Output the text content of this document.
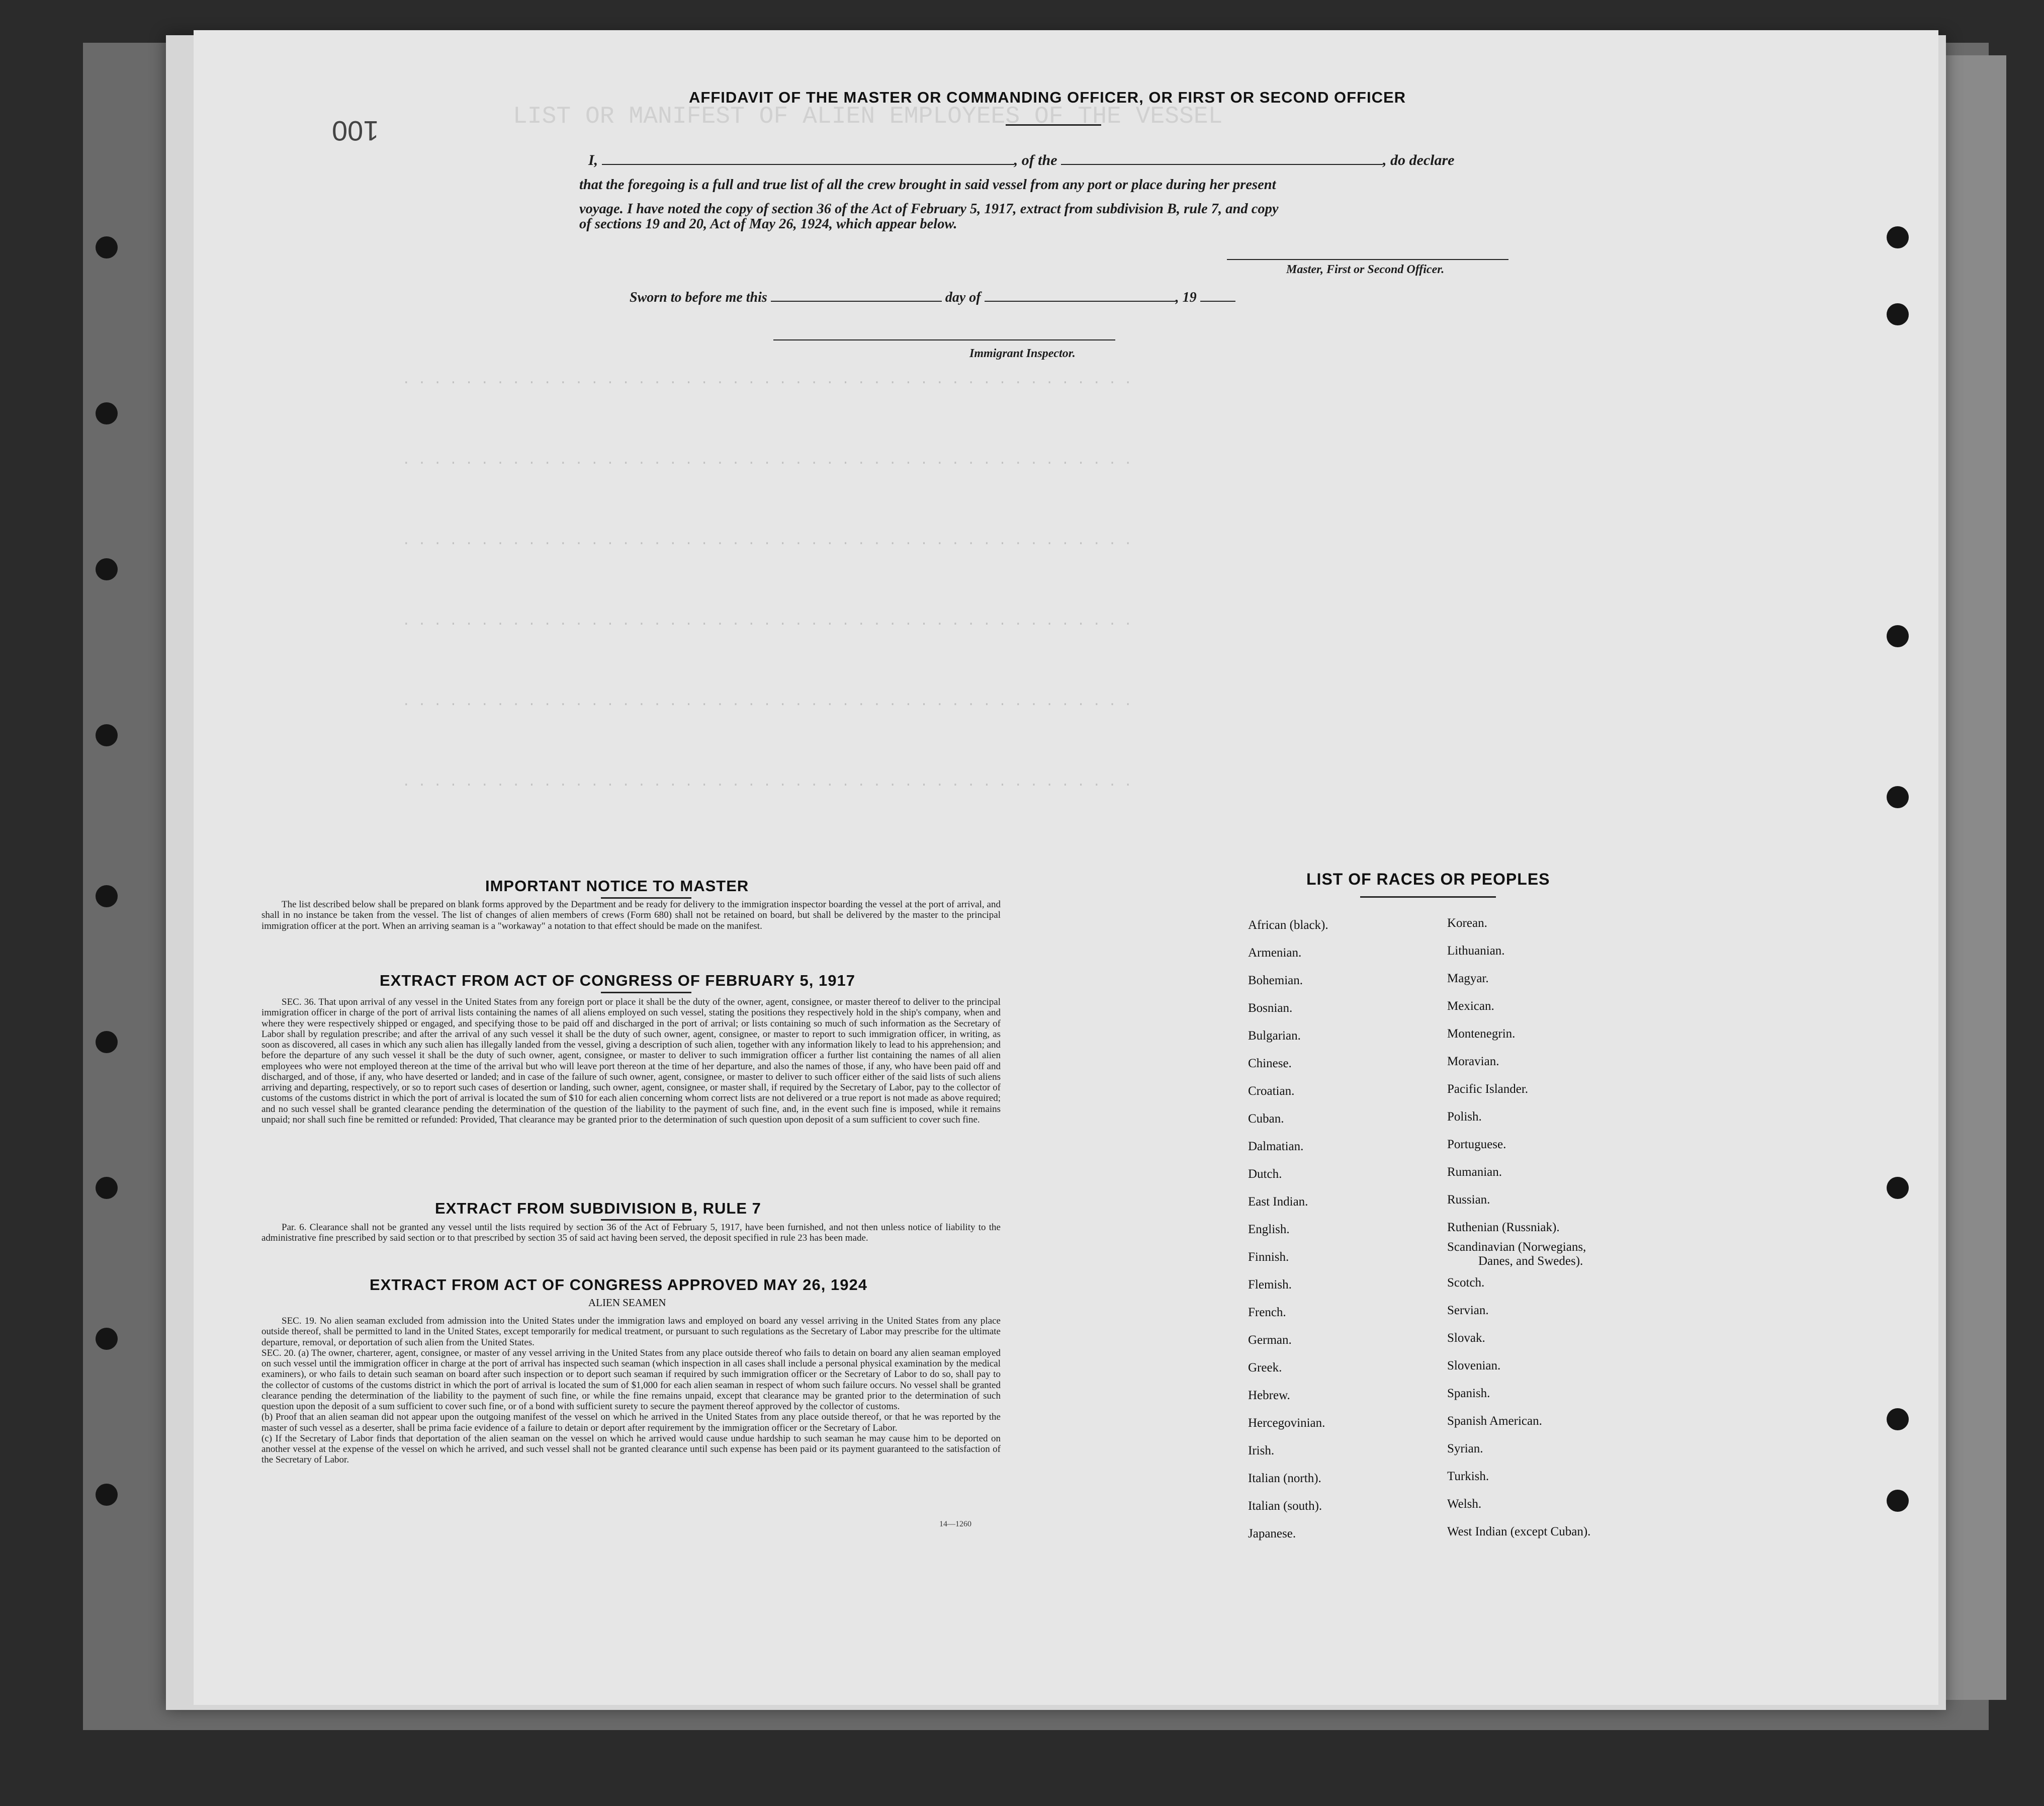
LIST OR MANIFEST OF ALIEN EMPLOYEES OF THE VESSEL
. . . . . . . . . . . . . . . . . . . . . . . . . . . . . . . . . . . . . . . . . . . . . . .
. . . . . . . . . . . . . . . . . . . . . . . . . . . . . . . . . . . . . . . . . . . . . . .
. . . . . . . . . . . . . . . . . . . . . . . . . . . . . . . . . . . . . . . . . . . . . . .
. . . . . . . . . . . . . . . . . . . . . . . . . . . . . . . . . . . . . . . . . . . . . . .
. . . . . . . . . . . . . . . . . . . . . . . . . . . . . . . . . . . . . . . . . . . . . . .
. . . . . . . . . . . . . . . . . . . . . . . . . . . . . . . . . . . . . . . . . . . . . . .
100
AFFIDAVIT OF THE MASTER OR COMMANDING OFFICER, OR FIRST OR SECOND OFFICER
I,	, of the	, do declare
that the foregoing is a full and true list of all the crew brought in said vessel from any port or place during her present
voyage. I have noted the copy of section 36 of the Act of February 5, 1917, extract from subdivision B, rule 7, and copy
of sections 19 and 20, Act of May 26, 1924, which appear below.
Master, First or Second Officer.
Sworn to before me this	day of	, 19
Immigrant Inspector.
IMPORTANT NOTICE TO MASTER
The list described below shall be prepared on blank forms approved by the Department and be ready for delivery to the immigration inspector boarding the vessel at the port of arrival, and shall in no instance be taken from the vessel. The list of changes of alien members of crews (Form 680) shall not be retained on board, but shall be delivered by the master to the principal immigration officer at the port. When an arriving seaman is a "workaway" a notation to that effect should be made on the manifest.
EXTRACT FROM ACT OF CONGRESS OF FEBRUARY 5, 1917
SEC. 36. That upon arrival of any vessel in the United States from any foreign port or place it shall be the duty of the owner, agent, consignee, or master thereof to deliver to the principal immigration officer in charge of the port of arrival lists containing the names of all aliens employed on such vessel, stating the positions they respectively hold in the ship's company, when and where they were respectively shipped or engaged, and specifying those to be paid off and discharged in the port of arrival; or lists containing so much of such information as the Secretary of Labor shall by regulation prescribe; and after the arrival of any such vessel it shall be the duty of such owner, agent, consignee, or master to report to such immigration officer, in writing, as soon as discovered, all cases in which any such alien has illegally landed from the vessel, giving a description of such alien, together with any information likely to lead to his apprehension; and before the departure of any such vessel it shall be the duty of such owner, agent, consignee, or master to deliver to such immigration officer a further list containing the names of all alien employees who were not employed thereon at the time of the arrival but who will leave port thereon at the time of her departure, and also the names of those, if any, who have been paid off and discharged, and of those, if any, who have deserted or landed; and in case of the failure of such owner, agent, consignee, or master to deliver to such officer either of the said lists of such aliens arriving and departing, respectively, or so to report such cases of desertion or landing, such owner, agent, consignee, or master shall, if required by the Secretary of Labor, pay to the collector of customs of the customs district in which the port of arrival is located the sum of $10 for each alien concerning whom correct lists are not delivered or a true report is not made as above required; and no such vessel shall be granted clearance pending the determination of the question of the liability to the payment of such fine, and, in the event such fine is imposed, while it remains unpaid; nor shall such fine be remitted or refunded: Provided, That clearance may be granted prior to the determination of such question upon deposit of a sum sufficient to cover such fine.
EXTRACT FROM SUBDIVISION B, RULE 7
Par. 6. Clearance shall not be granted any vessel until the lists required by section 36 of the Act of February 5, 1917, have been furnished, and not then unless notice of liability to the administrative fine prescribed by said section or to that prescribed by section 35 of said act having been served, the deposit specified in rule 23 has been made.
EXTRACT FROM ACT OF CONGRESS APPROVED MAY 26, 1924
ALIEN SEAMEN
SEC. 19. No alien seaman excluded from admission into the United States under the immigration laws and employed on board any vessel arriving in the United States from any place outside thereof, shall be permitted to land in the United States, except temporarily for medical treatment, or pursuant to such regulations as the Secretary of Labor may prescribe for the ultimate departure, removal, or deportation of such alien from the United States.
SEC. 20. (a) The owner, charterer, agent, consignee, or master of any vessel arriving in the United States from any place outside thereof who fails to detain on board any alien seaman employed on such vessel until the immigration officer in charge at the port of arrival has inspected such seaman (which inspection in all cases shall include a personal physical examination by the medical examiners), or who fails to detain such seaman on board after such inspection or to deport such seaman if required by such immigration officer or the Secretary of Labor to do so, shall pay to the collector of customs of the customs district in which the port of arrival is located the sum of $1,000 for each alien seaman in respect of whom such failure occurs. No vessel shall be granted clearance pending the determination of the liability to the payment of such fine, or while the fine remains unpaid, except that clearance may be granted prior to the determination of such question upon the deposit of a sum sufficient to cover such fine, or of a bond with sufficient surety to secure the payment thereof approved by the collector of customs.
(b) Proof that an alien seaman did not appear upon the outgoing manifest of the vessel on which he arrived in the United States from any place outside thereof, or that he was reported by the master of such vessel as a deserter, shall be prima facie evidence of a failure to detain or deport after requirement by the immigration officer or the Secretary of Labor.
(c) If the Secretary of Labor finds that deportation of the alien seaman on the vessel on which he arrived would cause undue hardship to such seaman he may cause him to be deported on another vessel at the expense of the vessel on which he arrived, and such vessel shall not be granted clearance until such expense has been paid or its payment guaranteed to the satisfaction of the Secretary of Labor.
14—1260
LIST OF RACES OR PEOPLES
African (black).
Armenian.
Bohemian.
Bosnian.
Bulgarian.
Chinese.
Croatian.
Cuban.
Dalmatian.
Dutch.
East Indian.
English.
Finnish.
Flemish.
French.
German.
Greek.
Hebrew.
Hercegovinian.
Irish.
Italian (north).
Italian (south).
Japanese.
Korean.
Lithuanian.
Magyar.
Mexican.
Montenegrin.
Moravian.
Pacific Islander.
Polish.
Portuguese.
Rumanian.
Russian.
Ruthenian (Russniak).
Scandinavian (Norwegians,
Danes, and Swedes).
Scotch.
Servian.
Slovak.
Slovenian.
Spanish.
Spanish American.
Syrian.
Turkish.
Welsh.
West Indian (except Cuban).
